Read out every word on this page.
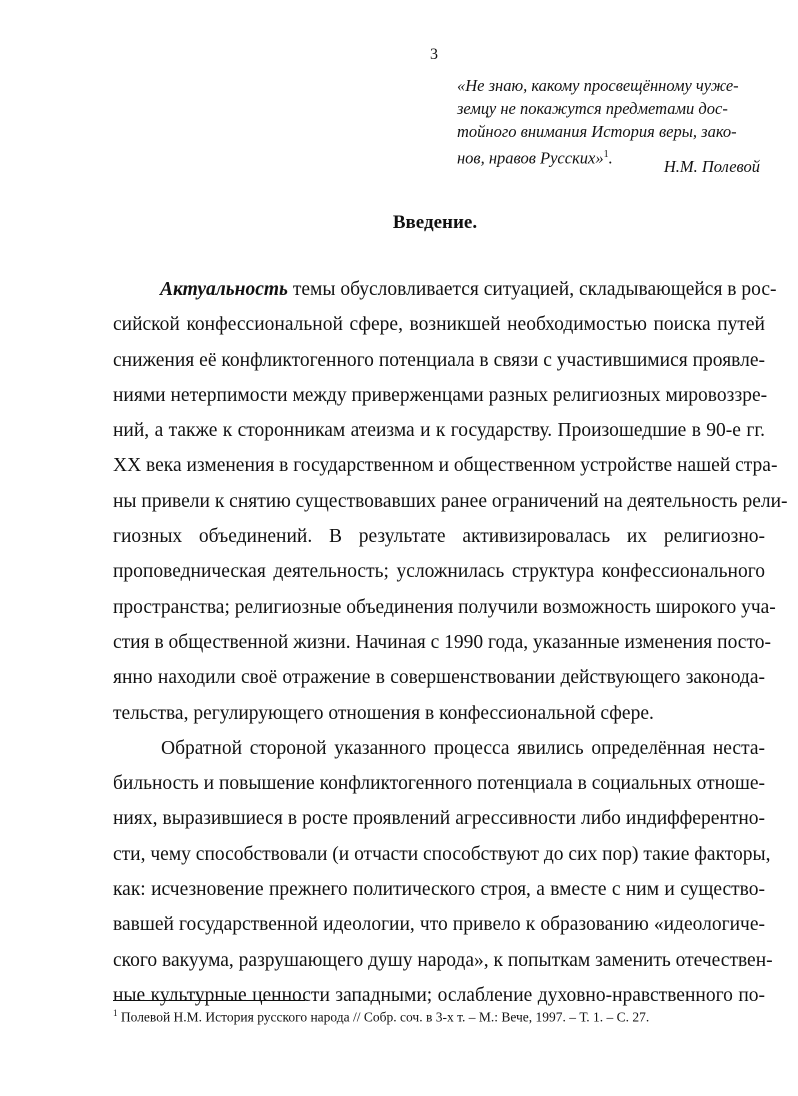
3
«Не знаю, какому просвещённому чуже-
земцу не покажутся предметами дос-
тойного внимания История веры, зако-
нов, нравов Русских»$^1$.	Н.М. Полевой
Введение.
Актуальность темы обусловливается ситуацией, складывающейся в рос-
сийской конфессиональной сфере, возникшей необходимостью поиска путей
снижения её конфликтогенного потенциала в связи с участившимися проявле-
ниями нетерпимости между приверженцами разных религиозных мировоззре-
ний, а также к сторонникам атеизма и к государству. Произошедшие в 90-е гг.
XX века изменения в государственном и общественном устройстве нашей стра-
ны привели к снятию существовавших ранее ограничений на деятельность рели-
гиозных объединений. В результате активизировалась их религиозно-
проповедническая деятельность; усложнилась структура конфессионального
пространства; религиозные объединения получили возможность широкого уча-
стия в общественной жизни. Начиная с 1990 года, указанные изменения посто-
янно находили своё отражение в совершенствовании действующего законода-
тельства, регулирующего отношения в конфессиональной сфере.
Обратной стороной указанного процесса явились определённая неста-
бильность и повышение конфликтогенного потенциала в социальных отноше-
ниях, выразившиеся в росте проявлений агрессивности либо индифферентно-
сти, чему способствовали (и отчасти способствуют до сих пор) такие факторы,
как: исчезновение прежнего политического строя, а вместе с ним и существо-
вавшей государственной идеологии, что привело к образованию «идеологиче-
ского вакуума, разрушающего душу народа», к попыткам заменить отечествен-
ные культурные ценности западными; ослабление духовно-нравственного по-
$^1$ Полевой Н.М. История русского народа // Собр. соч. в 3-х т. – М.: Вече, 1997. – Т. 1. – С. 27.
